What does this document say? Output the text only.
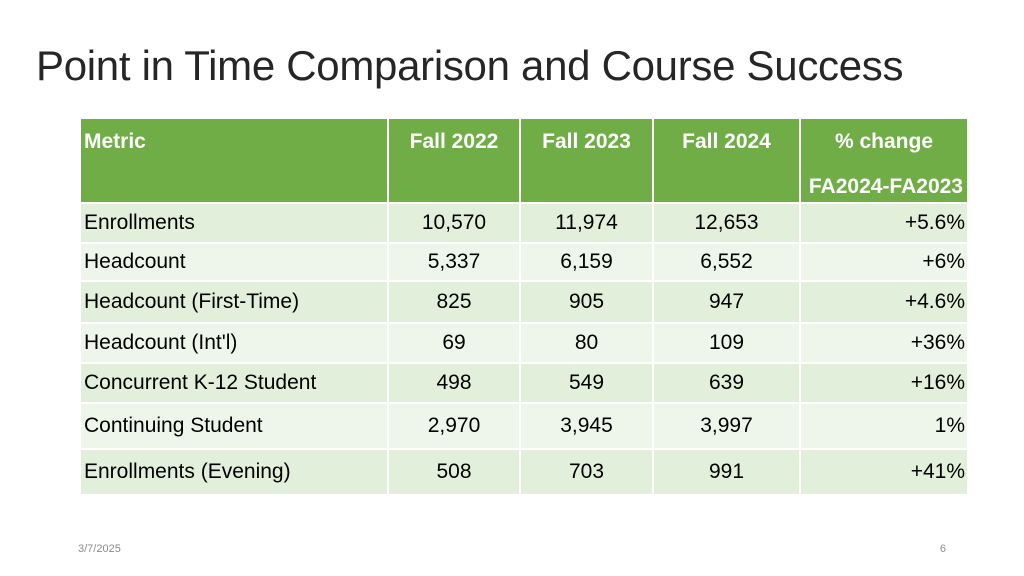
Point in Time Comparison and Course Success
Metric	Fall 2022	Fall 2023	Fall 2024	% change
FA2024-FA2023

Enrollments	10,570	11,974	12,653	+5.6%
Headcount	5,337	6,159	6,552	+6%
Headcount (First-Time)	825	905	947	+4.6%
Headcount (Int'l)	69	80	109	+36%
Concurrent K-12 Student	498	549	639	+16%
Continuing Student	2,970	3,945	3,997	1%
Enrollments (Evening)	508	703	991	+41%
3/7/2025	6
